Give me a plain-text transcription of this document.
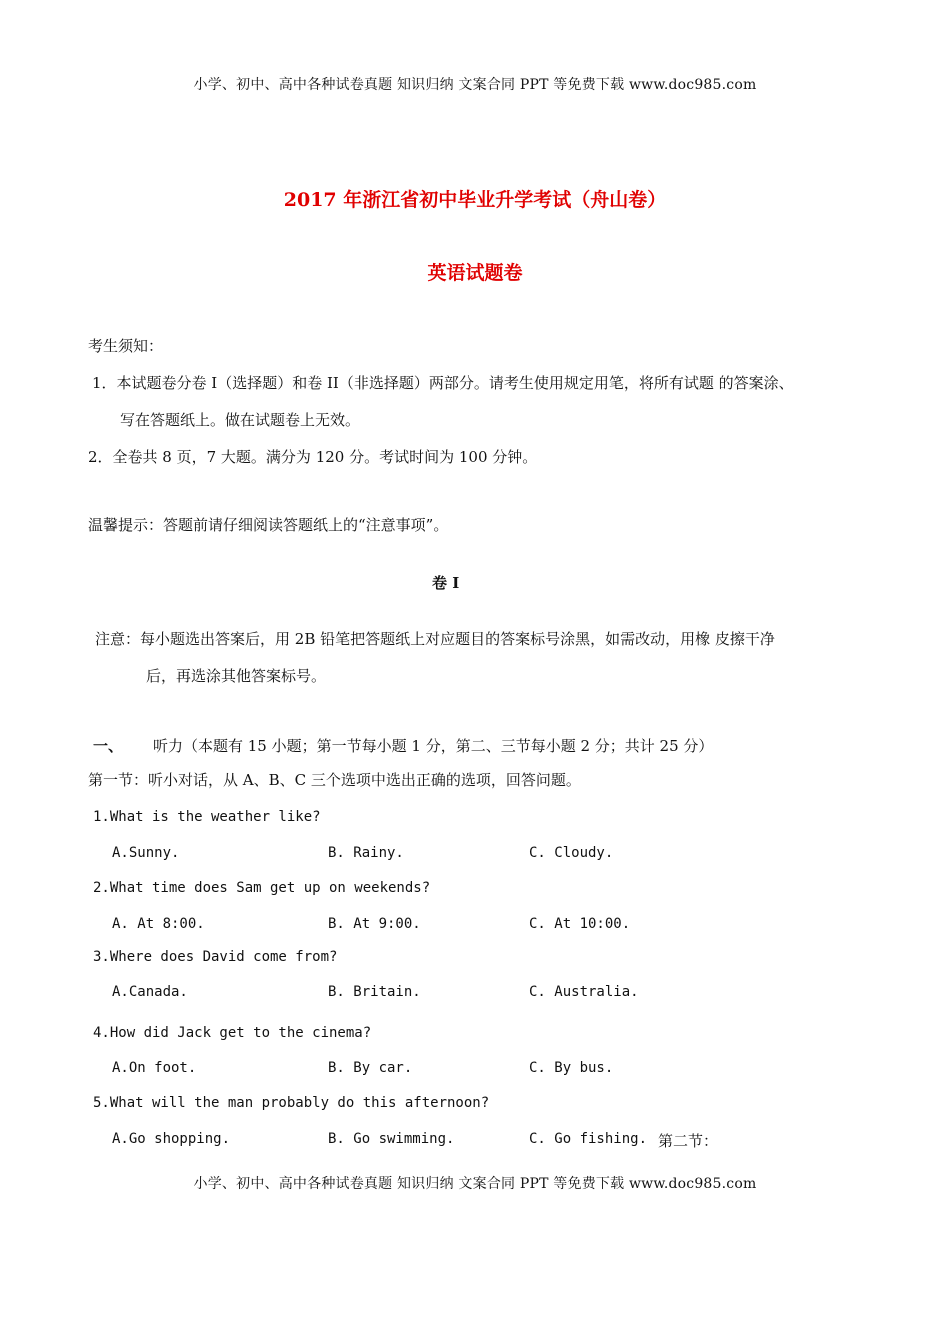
小学、初中、高中各种试卷真题 知识归纳 文案合同 PPT 等免费下载 www.doc985.com
2017 年浙江省初中毕业升学考试（舟山卷）
英语试题卷
考生须知：
1．本试题卷分卷 I（选择题）和卷 II（非选择题）两部分。请考生使用规定用笔，将所有试题 的答案涂、
写在答题纸上。做在试题卷上无效。
2．全卷共 8 页，7 大题。满分为 120 分。考试时间为 100 分钟。
温馨提示：答题前请仔细阅读答题纸上的“注意事项”。
卷 I
注意：每小题选出答案后，用 2B 铅笔把答题纸上对应题目的答案标号涂黑，如需改动，用橡 皮擦干净
后，再选涂其他答案标号。
一、 听力（本题有 15 小题；第一节每小题 1 分，第二、三节每小题 2 分；共计 25 分）
第一节：听小对话，从 A、B、C 三个选项中选出正确的选项，回答问题。
1.What is the weather like?
A.Sunny.	B. Rainy.	C. Cloudy.
2.What time does Sam get up on weekends?
A. At 8:00.	B. At 9:00.	C. At 10:00.
3.Where does David come from?
A.Canada.	B. Britain.	C. Australia.
4.How did Jack get to the cinema?
A.On foot.	B. By car.	C. By bus.
5.What will the man probably do this afternoon?
A.Go shopping.	B. Go swimming.	C. Go fishing. 第二节：
小学、初中、高中各种试卷真题 知识归纳 文案合同 PPT 等免费下载 www.doc985.com
